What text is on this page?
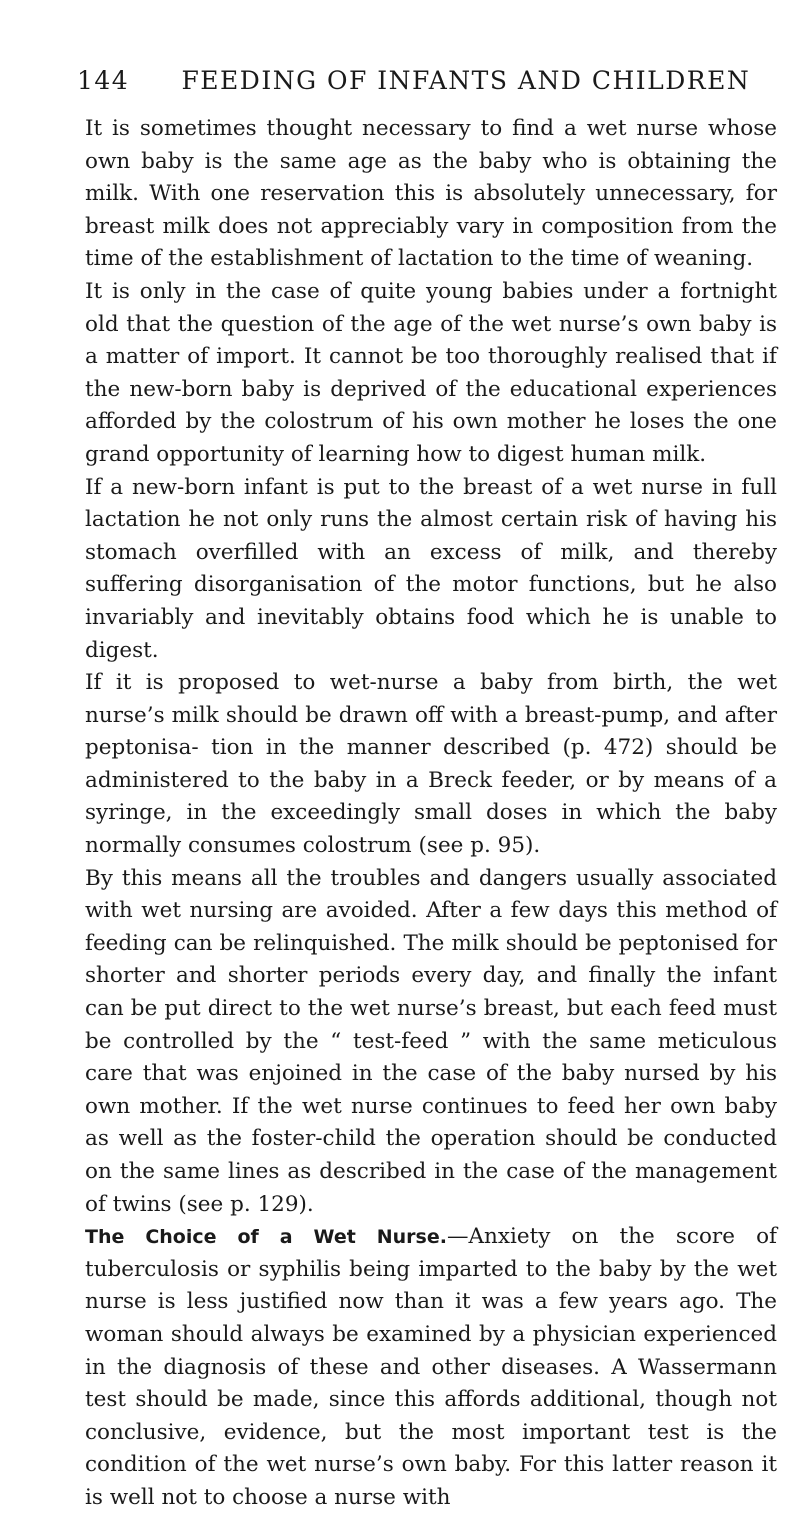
144 FEEDING OF INFANTS AND CHILDREN

It is sometimes thought necessary to find a wet nurse whose own baby is the same age as the baby who is obtaining the milk. With one reservation this is absolutely unnecessary, for breast milk does not appreciably vary in composition from the time of the establishment of lactation to the time of weaning.

It is only in the case of quite young babies under a fortnight old that the question of the age of the wet nurse’s own baby is a matter of import. It cannot be too thoroughly realised that if the new-born baby is deprived of the educational experiences afforded by the colostrum of his own mother he loses the one grand opportunity of learning how to digest human milk.

If a new-born infant is put to the breast of a wet nurse in full lactation he not only runs the almost certain risk of having his stomach overfilled with an excess of milk, and thereby suffering disorganisation of the motor functions, but he also invariably and inevitably obtains food which he is unable to digest.

If it is proposed to wet-nurse a baby from birth, the wet nurse’s milk should be drawn off with a breast-pump, and after peptonisa- tion in the manner described (p. 472) should be administered to the baby in a Breck feeder, or by means of a syringe, in the exceedingly small doses in which the baby normally consumes colostrum (see p. 95).

By this means all the troubles and dangers usually associated with wet nursing are avoided. After a few days this method of feeding can be relinquished. The milk should be peptonised for shorter and shorter periods every day, and finally the infant can be put direct to the wet nurse’s breast, but each feed must be controlled by the “ test-feed ” with the same meticulous care that was enjoined in the case of the baby nursed by his own mother. If the wet nurse continues to feed her own baby as well as the foster-child the operation should be conducted on the same lines as described in the case of the management of twins (see p. 129).

The Choice of a Wet Nurse.—Anxiety on the score of tuberculosis or syphilis being imparted to the baby by the wet nurse is less justified now than it was a few years ago. The woman should always be examined by a physician experienced in the diagnosis of these and other diseases. A Wassermann test should be made, since this affords additional, though not conclusive, evidence, but the most important test is the condition of the wet nurse’s own baby. For this latter reason it is well not to choose a nurse with
